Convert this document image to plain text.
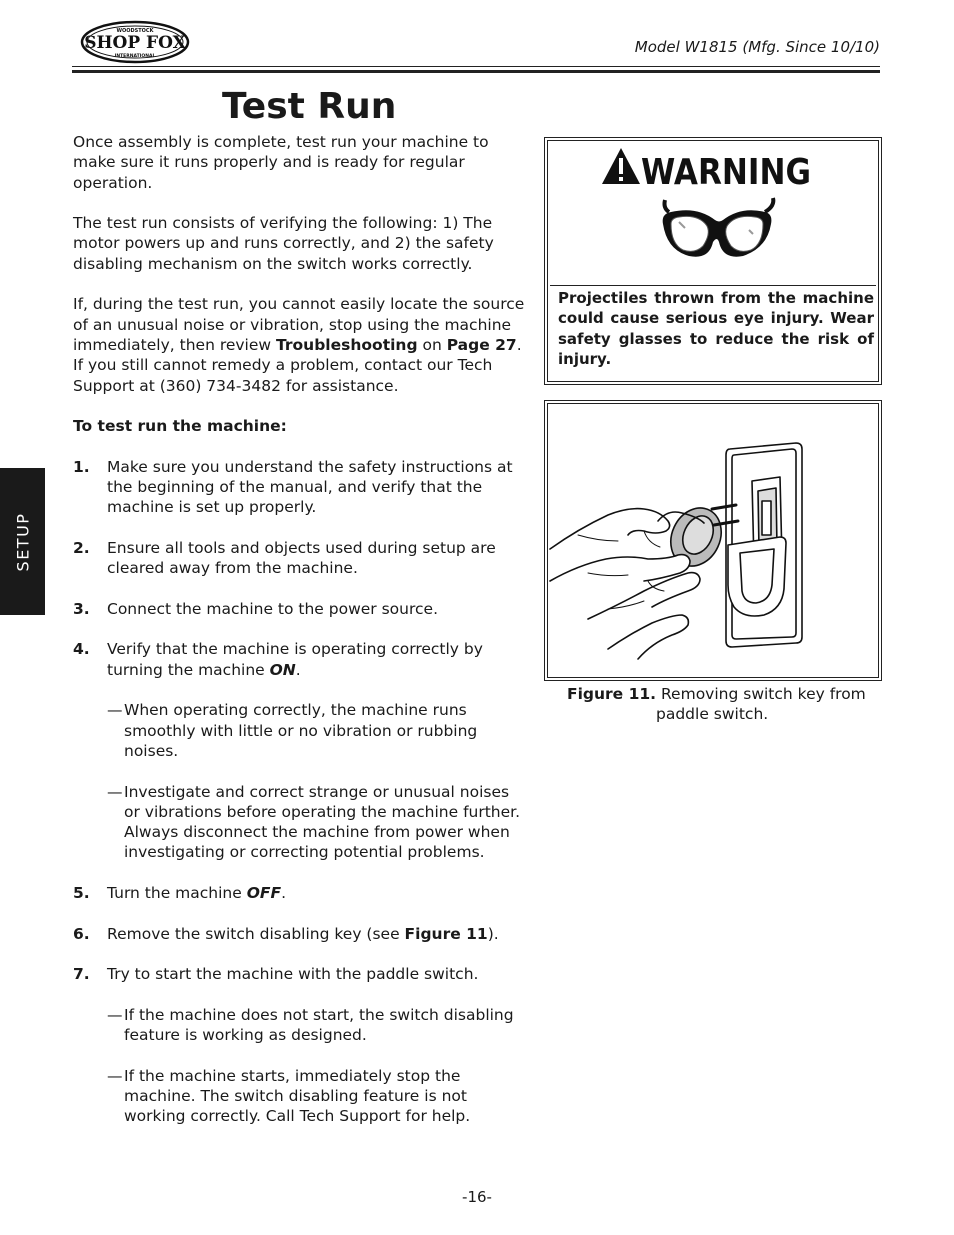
WOODSTOCK
SHOP FOX
INTERNATIONAL
Model W1815 (Mfg. Since 10/10)
Test Run
SETUP

Once assembly is complete, test run your machine to make sure it runs properly and is ready for regular operation.

The test run consists of verifying the following: 1) The motor powers up and runs correctly, and 2) the safety disabling mechanism on the switch works correctly.

If, during the test run, you cannot easily locate the source of an unusual noise or vibration, stop using the machine immediately, then review Troubleshooting on Page 27.
If you still cannot remedy a problem, contact our Tech Support at (360) 734-3482 for assistance.

To test run the machine:

1. Make sure you understand the safety instructions at the beginning of the manual, and verify that the machine is set up properly.
2. Ensure all tools and objects used during setup are cleared away from the machine.
3. Connect the machine to the power source.
4. Verify that the machine is operating correctly by turning the machine ON.
— When operating correctly, the machine runs smoothly with little or no vibration or rubbing noises.
— Investigate and correct strange or unusual noises or vibrations before operating the machine further. Always disconnect the machine from power when investigating or correcting potential problems.
5. Turn the machine OFF.
6. Remove the switch disabling key (see Figure 11).
7. Try to start the machine with the paddle switch.
— If the machine does not start, the switch disabling feature is working as designed.
— If the machine starts, immediately stop the machine. The switch disabling feature is not working correctly. Call Tech Support for help.
WARNING

Projectiles thrown from the machine could cause serious eye injury. Wear safety glasses to reduce the risk of injury.

Figure 11. Removing switch key from
paddle switch.
-16-
